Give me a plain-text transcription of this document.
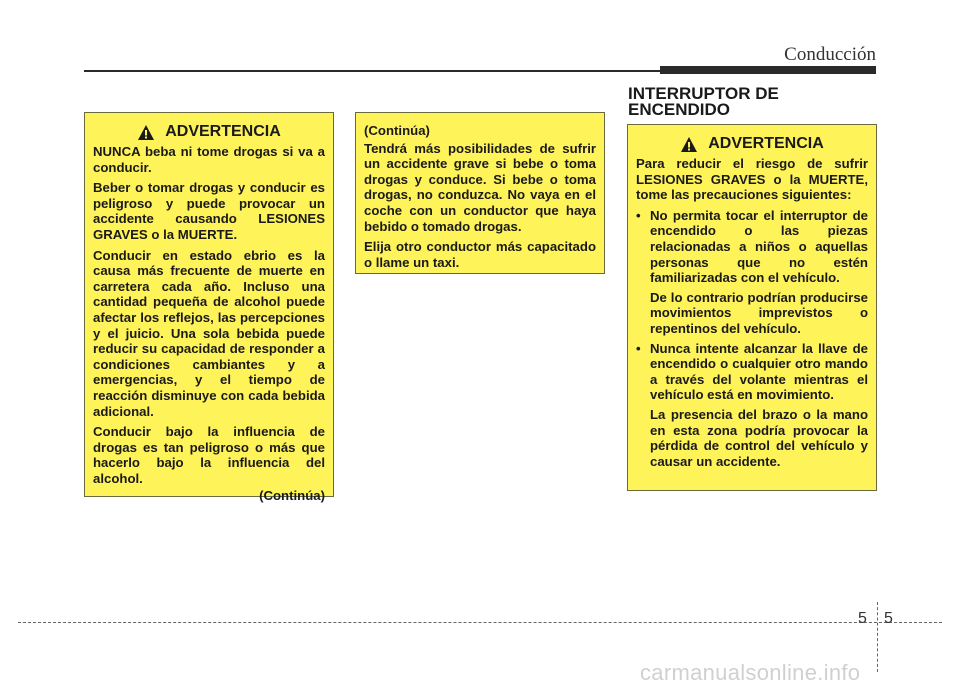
Conducción
ADVERTENCIA

NUNCA beba ni tome drogas si va a conducir.

Beber o tomar drogas y conducir es peligroso y puede provocar un accidente causando LESIONES GRAVES o la MUERTE.

Conducir en estado ebrio es la causa más frecuente de muerte en carretera cada año. Incluso una cantidad pequeña de alcohol puede afectar los reflejos, las percepciones y el juicio. Una sola bebida puede reducir su capacidad de responder a condiciones cambiantes y a emergencias, y el tiempo de reacción disminuye con cada bebida adicional.

Conducir bajo la influencia de drogas es tan peligroso o más que hacerlo bajo la influencia del alcohol.

(Continúa)

(Continúa)

Tendrá más posibilidades de sufrir un accidente grave si bebe o toma drogas y conduce. Si bebe o toma drogas, no conduzca. No vaya en el coche con un conductor que haya bebido o tomado drogas.

Elija otro conductor más capacitado o llame un taxi.

INTERRUPTOR DE
ENCENDIDO
ADVERTENCIA

Para reducir el riesgo de sufrir LESIONES GRAVES o la MUERTE, tome las precauciones siguientes:

• No permita tocar el interruptor de encendido o las piezas relacionadas a niños o aquellas personas que no estén familiarizadas con el vehículo.
De lo contrario podrían producirse movimientos imprevistos o repentinos del vehículo.
• Nunca intente alcanzar la llave de encendido o cualquier otro mando a través del volante mientras el vehículo está en movimiento.
La presencia del brazo o la mano en esta zona podría provocar la pérdida de control del vehículo y causar un accidente.
5 5
carmanualsonline.info
